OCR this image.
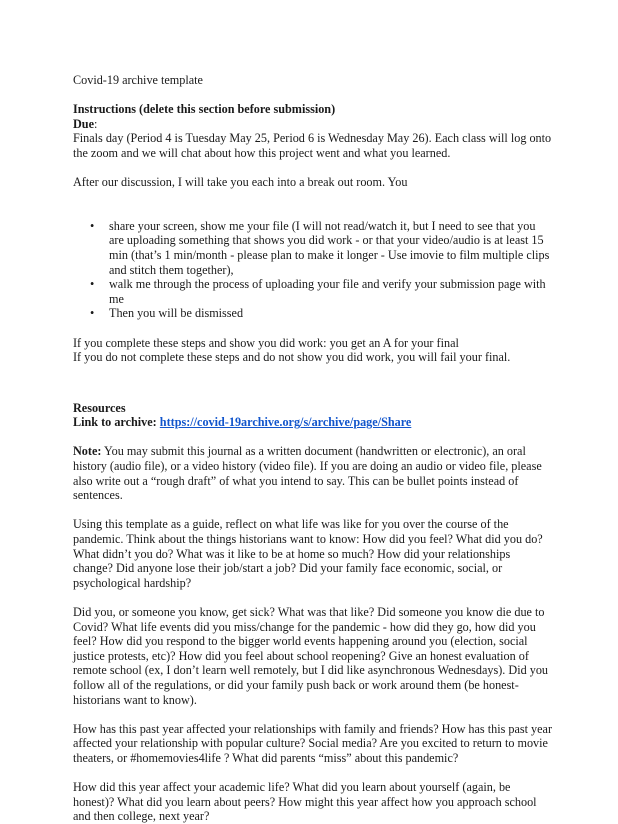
Covid-19 archive template

Instructions (delete this section before submission)

Due:

Finals day (Period 4 is Tuesday May 25, Period 6 is Wednesday May 26). Each class will log onto the zoom and we will chat about how this project went and what you learned.

After our discussion, I will take you each into a break out room. You

• share your screen, show me your file (I will not read/watch it, but I need to see that you are uploading something that shows you did work - or that your video/audio is at least 15 min (that’s 1 min/month - please plan to make it longer - Use imovie to film multiple clips and stitch them together),
• walk me through the process of uploading your file and verify your submission page with me
• Then you will be dismissed

If you complete these steps and show you did work: you get an A for your final

If you do not complete these steps and do not show you did work, you will fail your final.

Resources

Link to archive: https://covid-19archive.org/s/archive/page/Share

Note: You may submit this journal as a written document (handwritten or electronic), an oral history (audio file), or a video history (video file). If you are doing an audio or video file, please also write out a “rough draft” of what you intend to say. This can be bullet points instead of sentences.

Using this template as a guide, reflect on what life was like for you over the course of the pandemic. Think about the things historians want to know: How did you feel? What did you do? What didn’t you do? What was it like to be at home so much? How did your relationships change? Did anyone lose their job/start a job? Did your family face economic, social, or psychological hardship?

Did you, or someone you know, get sick? What was that like? Did someone you know die due to Covid? What life events did you miss/change for the pandemic - how did they go, how did you feel? How did you respond to the bigger world events happening around you (election, social justice protests, etc)? How did you feel about school reopening? Give an honest evaluation of remote school (ex, I don’t learn well remotely, but I did like asynchronous Wednesdays). Did you follow all of the regulations, or did your family push back or work around them (be honest- historians want to know).

How has this past year affected your relationships with family and friends? How has this past year affected your relationship with popular culture? Social media? Are you excited to return to movie theaters, or #homemovies4life ? What did parents “miss” about this pandemic?

How did this year affect your academic life? What did you learn about yourself (again, be honest)? What did you learn about peers? How might this year affect how you approach school and then college, next year?
